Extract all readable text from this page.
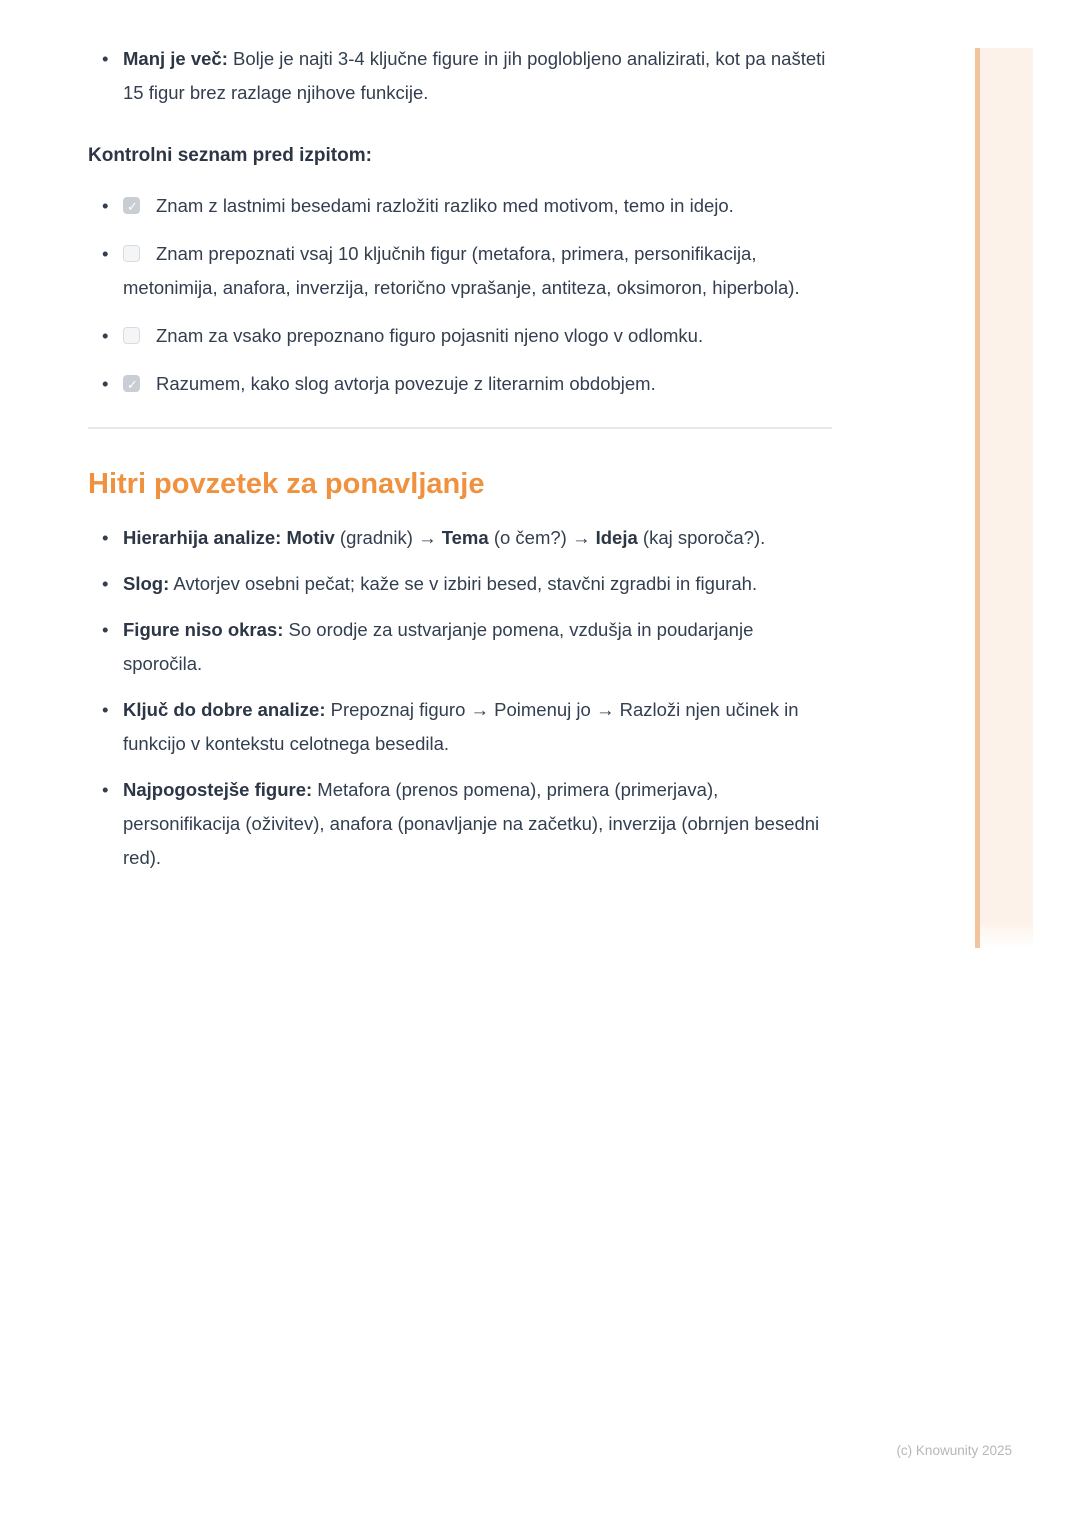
• Manj je več: Bolje je najti 3-4 ključne figure in jih poglobljeno analizirati, kot pa našteti 15 figur brez razlage njihove funkcije.

Kontrolni seznam pred izpitom:

✓• Znam z lastnimi besedami razložiti razliko med motivom, temo in idejo.
• Znam prepoznati vsaj 10 ključnih figur (metafora, primera, personifikacija, metonimija, anafora, inverzija, retorično vprašanje, antiteza, oksimoron, hiperbola).
• Znam za vsako prepoznano figuro pojasniti njeno vlogo v odlomku.
✓• Razumem, kako slog avtorja povezuje z literarnim obdobjem.
Hitri povzetek za ponavljanje
• Hierarhija analize: Motiv (gradnik) → Tema (o čem?) → Ideja (kaj sporoča?).
• Slog: Avtorjev osebni pečat; kaže se v izbiri besed, stavčni zgradbi in figurah.
• Figure niso okras: So orodje za ustvarjanje pomena, vzdušja in poudarjanje sporočila.
• Ključ do dobre analize: Prepoznaj figuro → Poimenuj jo → Razloži njen učinek in funkcijo v kontekstu celotnega besedila.
• Najpogostejše figure: Metafora (prenos pomena), primera (primerjava), personifikacija (oživitev), anafora (ponavljanje na začetku), inverzija (obrnjen besedni red).
(c) Knowunity 2025
